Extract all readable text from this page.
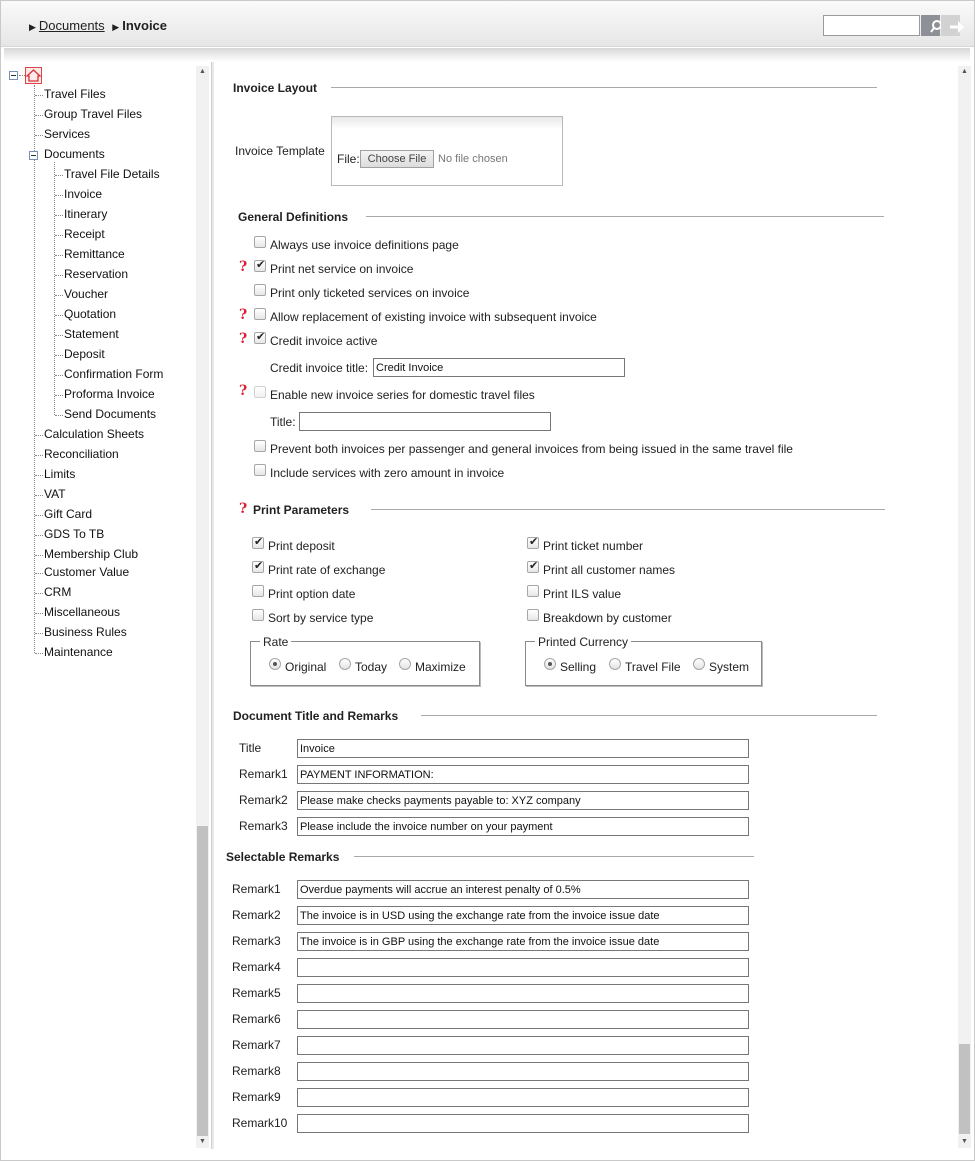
▶ Documents ▶ Invoice
Travel Files
Group Travel Files
Services
Documents
Travel File Details
Invoice
Itinerary
Receipt
Remittance
Reservation
Voucher
Quotation
Statement
Deposit
Confirmation Form
Proforma Invoice
Send Documents
Calculation Sheets
Reconciliation
Limits
VAT
Gift Card
GDS To TB
Membership Club
Customer Value
CRM
Miscellaneous
Business Rules
Maintenance
▲
▼
Invoice Layout
Invoice Template
File: Choose File	No file chosen
General Definitions
Always use invoice definitions page
? ✔ Print net service on invoice
Print only ticketed services on invoice
? Allow replacement of existing invoice with subsequent invoice
? ✔ Credit invoice active
Credit invoice title:
Credit Invoice
? Enable new invoice series for domestic travel files
Title:
Prevent both invoices per passenger and general invoices from being issued in the same travel file
Include services with zero amount in invoice
? Print Parameters
✔
Print deposit
✔
Print rate of exchange
Print option date
Sort by service type
✔
Print ticket number
✔
Print all customer names
Print ILS value
Breakdown by customer
Rate
Original Today Maximize
Printed Currency
Selling Travel File System
Document Title and Remarks
Title
Invoice
Remark1
PAYMENT INFORMATION:
Remark2
Please make checks payments payable to: XYZ company
Remark3
Please include the invoice number on your payment
Selectable Remarks
Remark1
Overdue payments will accrue an interest penalty of 0.5%
Remark2
The invoice is in USD using the exchange rate from the invoice issue date
Remark3
The invoice is in GBP using the exchange rate from the invoice issue date
Remark4
Remark5
Remark6
Remark7
Remark8
Remark9
Remark10
▲
▼
